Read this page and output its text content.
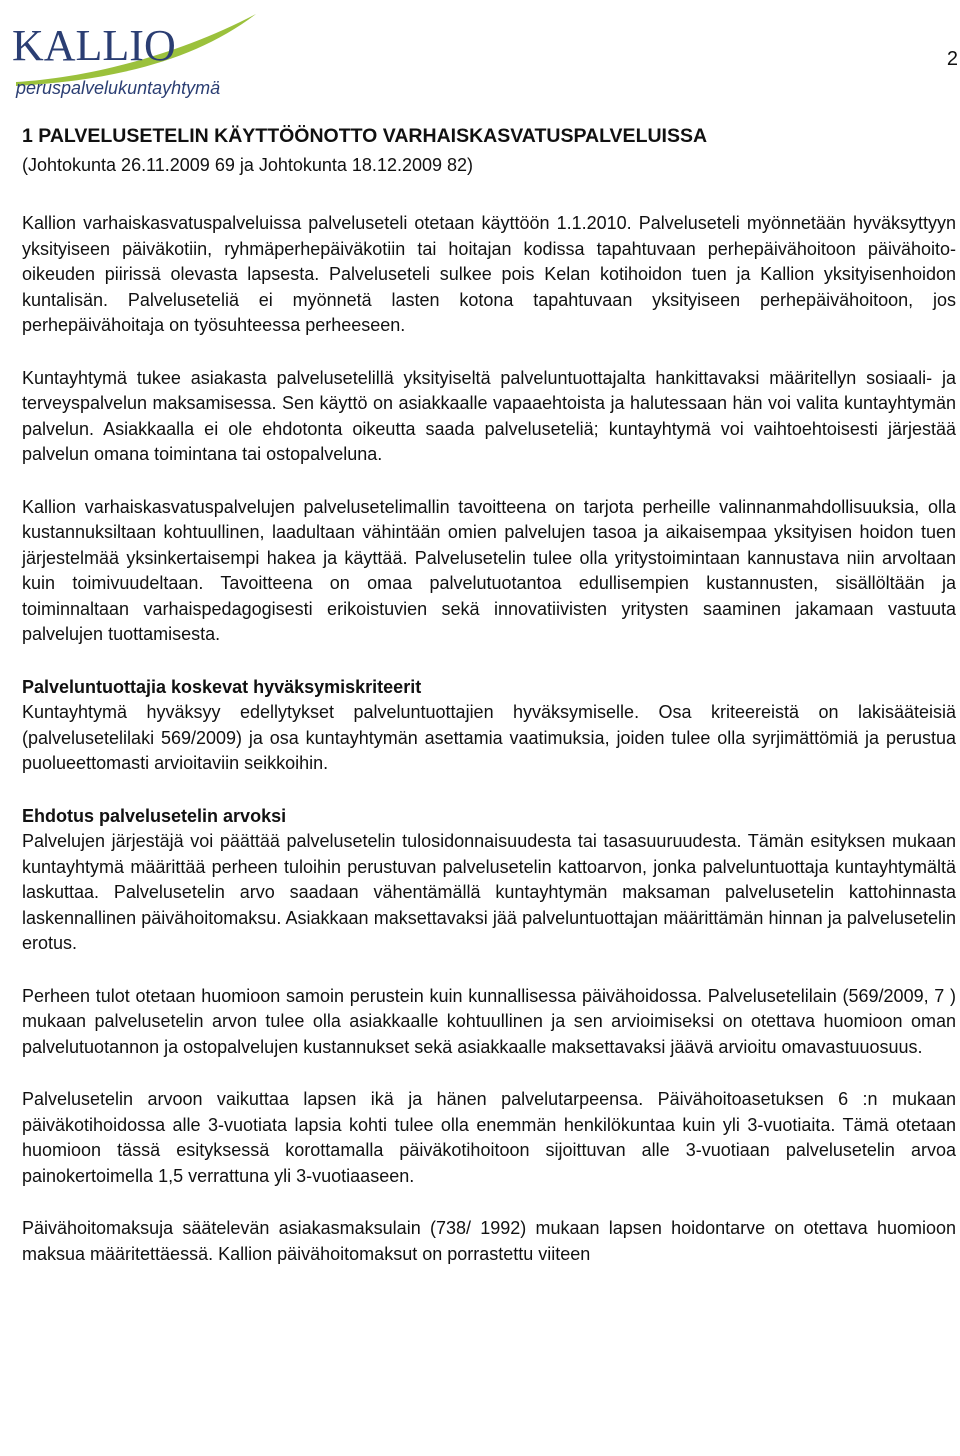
KALLIO
peruspalvelukuntayhtymä
2
1 PALVELUSETELIN KÄYTTÖÖNOTTO VARHAISKASVATUSPALVELUISSA
(Johtokunta 26.11.2009 69 ja Johtokunta 18.12.2009 82)

Kallion varhaiskasvatuspalveluissa palveluseteli otetaan käyttöön 1.1.2010. Palveluseteli myönnetään hyväksyttyyn yksityiseen päiväkotiin, ryhmäperhepäiväkotiin tai hoitajan kodissa tapahtuvaan perhepäivähoitoon päivähoito-oikeuden piirissä olevasta lapsesta. Palveluseteli sulkee pois Kelan kotihoidon tuen ja Kallion yksityisenhoidon kuntalisän. Palveluseteliä ei myönnetä lasten kotona tapahtuvaan yksityiseen perhepäivähoitoon, jos perhepäivähoitaja on työsuhteessa perheeseen.

Kuntayhtymä tukee asiakasta palvelusetelillä yksityiseltä palveluntuottajalta hankittavaksi määritellyn sosiaali- ja terveyspalvelun maksamisessa. Sen käyttö on asiakkaalle vapaaehtoista ja halutessaan hän voi valita kuntayhtymän palvelun. Asiakkaalla ei ole ehdotonta oikeutta saada palveluseteliä; kuntayhtymä voi vaihtoehtoisesti järjestää palvelun omana toimintana tai ostopalveluna.

Kallion varhaiskasvatuspalvelujen palvelusetelimallin tavoitteena on tarjota perheille valinnanmahdollisuuksia, olla kustannuksiltaan kohtuullinen, laadultaan vähintään omien palvelujen tasoa ja aikaisempaa yksityisen hoidon tuen järjestelmää yksinkertaisempi hakea ja käyttää. Palvelusetelin tulee olla yritystoimintaan kannustava niin arvoltaan kuin toimivuudeltaan. Tavoitteena on omaa palvelutuotantoa edullisempien kustannusten, sisällöltään ja toiminnaltaan varhaispedagogisesti erikoistuvien sekä innovatiivisten yritysten saaminen jakamaan vastuuta palvelujen tuottamisesta.

Palveluntuottajia koskevat hyväksymiskriteerit

Kuntayhtymä hyväksyy edellytykset palveluntuottajien hyväksymiselle. Osa kriteereistä on lakisääteisiä (palvelusetelilaki 569/2009) ja osa kuntayhtymän asettamia vaatimuksia, joiden tulee olla syrjimättömiä ja perustua puolueettomasti arvioitaviin seikkoihin.

Ehdotus palvelusetelin arvoksi

Palvelujen järjestäjä voi päättää palvelusetelin tulosidonnaisuudesta tai tasasuuruudesta. Tämän esityksen mukaan kuntayhtymä määrittää perheen tuloihin perustuvan palvelusetelin kattoarvon, jonka palveluntuottaja kuntayhtymältä laskuttaa. Palvelusetelin arvo saadaan vähentämällä kuntayhtymän maksaman palvelusetelin kattohinnasta laskennallinen päivähoitomaksu. Asiakkaan maksettavaksi jää palveluntuottajan määrittämän hinnan ja palvelusetelin erotus.

Perheen tulot otetaan huomioon samoin perustein kuin kunnallisessa päivähoidossa. Palvelusetelilain (569/2009, 7 ) mukaan palvelusetelin arvon tulee olla asiakkaalle kohtuullinen ja sen arvioimiseksi on otettava huomioon oman palvelutuotannon ja ostopalvelujen kustannukset sekä asiakkaalle maksettavaksi jäävä arvioitu omavastuuosuus.

Palvelusetelin arvoon vaikuttaa lapsen ikä ja hänen palvelutarpeensa. Päivähoitoasetuksen 6 :n mukaan päiväkotihoidossa alle 3-vuotiata lapsia kohti tulee olla enemmän henkilökuntaa kuin yli 3-vuotiaita. Tämä otetaan huomioon tässä esityksessä korottamalla päiväkotihoitoon sijoittuvan alle 3-vuotiaan palvelusetelin arvoa painokertoimella 1,5 verrattuna yli 3-vuotiaaseen.

Päivähoitomaksuja säätelevän asiakasmaksulain (738/ 1992) mukaan lapsen hoidontarve on otettava huomioon maksua määritettäessä. Kallion päivähoitomaksut on porrastettu viiteen
